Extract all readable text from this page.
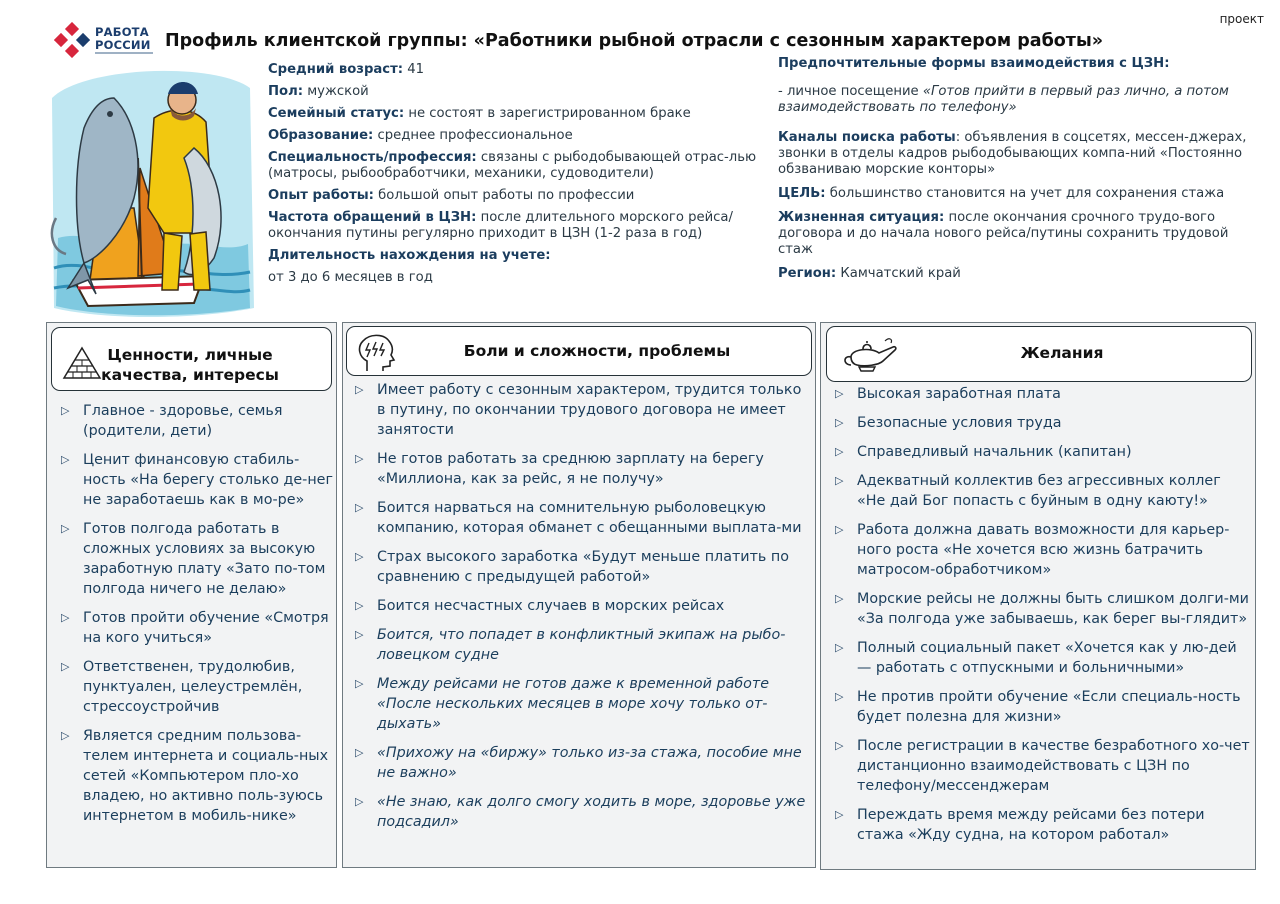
проект
РАБОТА
РОССИИ Профиль клиентской группы: «Работники рыбной отрасли с сезонным характером работы»

Средний возраст: 41

Пол: мужской

Семейный статус: не состоят в зарегистрированном браке

Образование: среднее профессиональное

Специальность/профессия: связаны с рыбодобывающей отрас-лью (матросы, рыбообработчики, механики, судоводители)

Опыт работы: большой опыт работы по профессии

Частота обращений в ЦЗН: после длительного морского рейса/окончания путины регулярно приходит в ЦЗН (1-2 раза в год)

Длительность нахождения на учете:

от 3 до 6 месяцев в год

Предпочтительные формы взаимодействия с ЦЗН:

- личное посещение «Готов прийти в первый раз лично, а потом взаимодействовать по телефону»

Каналы поиска работы: объявления в соцсетях, мессен-джерах, звонки в отделы кадров рыбодобывающих компа-ний «Постоянно обзваниваю морские конторы»

ЦЕЛЬ: большинство становится на учет для сохранения стажа

Жизненная ситуация: после окончания срочного трудо-вого договора и до начала нового рейса/путины сохранить трудовой стаж

Регион: Камчатский край

Ценности, личные качества, интересы
▷ Главное - здоровье, семья (родители, дети)
▷ Ценит финансовую стабиль-ность «На берегу столько де-нег не заработаешь как в мо-ре»
▷ Готов полгода работать в сложных условиях за высокую заработную плату «Зато по-том полгода ничего не делаю»
▷ Готов пройти обучение «Смотря на кого учиться»
▷ Ответственен, трудолюбив, пунктуален, целеустремлён, стрессоустройчив
▷ Является средним пользова-телем интернета и социаль-ных сетей «Компьютером пло-хо владею, но активно поль-зуюсь интернетом в мобиль-нике»
Боли и сложности, проблемы
▷ Имеет работу с сезонным характером, трудится только в путину, по окончании трудового договора не имеет занятости
▷ Не готов работать за среднюю зарплату на берегу «Миллиона, как за рейс, я не получу»
▷ Боится нарваться на сомнительную рыболовецкую компанию, которая обманет с обещанными выплата-ми
▷ Страх высокого заработка «Будут меньше платить по сравнению с предыдущей работой»
▷ Боится несчастных случаев в морских рейсах
▷ Боится, что попадет в конфликтный экипаж на рыбо-ловецком судне
▷ Между рейсами не готов даже к временной работе «После нескольких месяцев в море хочу только от-дыхать»
▷ «Прихожу на «биржу» только из-за стажа, пособие мне не важно»
▷ «Не знаю, как долго смогу ходить в море, здоровье уже подсадил»
Желания
▷ Высокая заработная плата
▷ Безопасные условия труда
▷ Справедливый начальник (капитан)
▷ Адекватный коллектив без агрессивных коллег «Не дай Бог попасть с буйным в одну каюту!»
▷ Работа должна давать возможности для карьер-ного роста «Не хочется всю жизнь батрачить матросом-обработчиком»
▷ Морские рейсы не должны быть слишком долги-ми «За полгода уже забываешь, как берег вы-глядит»
▷ Полный социальный пакет «Хочется как у лю-дей — работать с отпускными и больничными»
▷ Не против пройти обучение «Если специаль-ность будет полезна для жизни»
▷ После регистрации в качестве безработного хо-чет дистанционно взаимодействовать с ЦЗН по телефону/мессенджерам
▷ Переждать время между рейсами без потери стажа «Жду судна, на котором работал»
